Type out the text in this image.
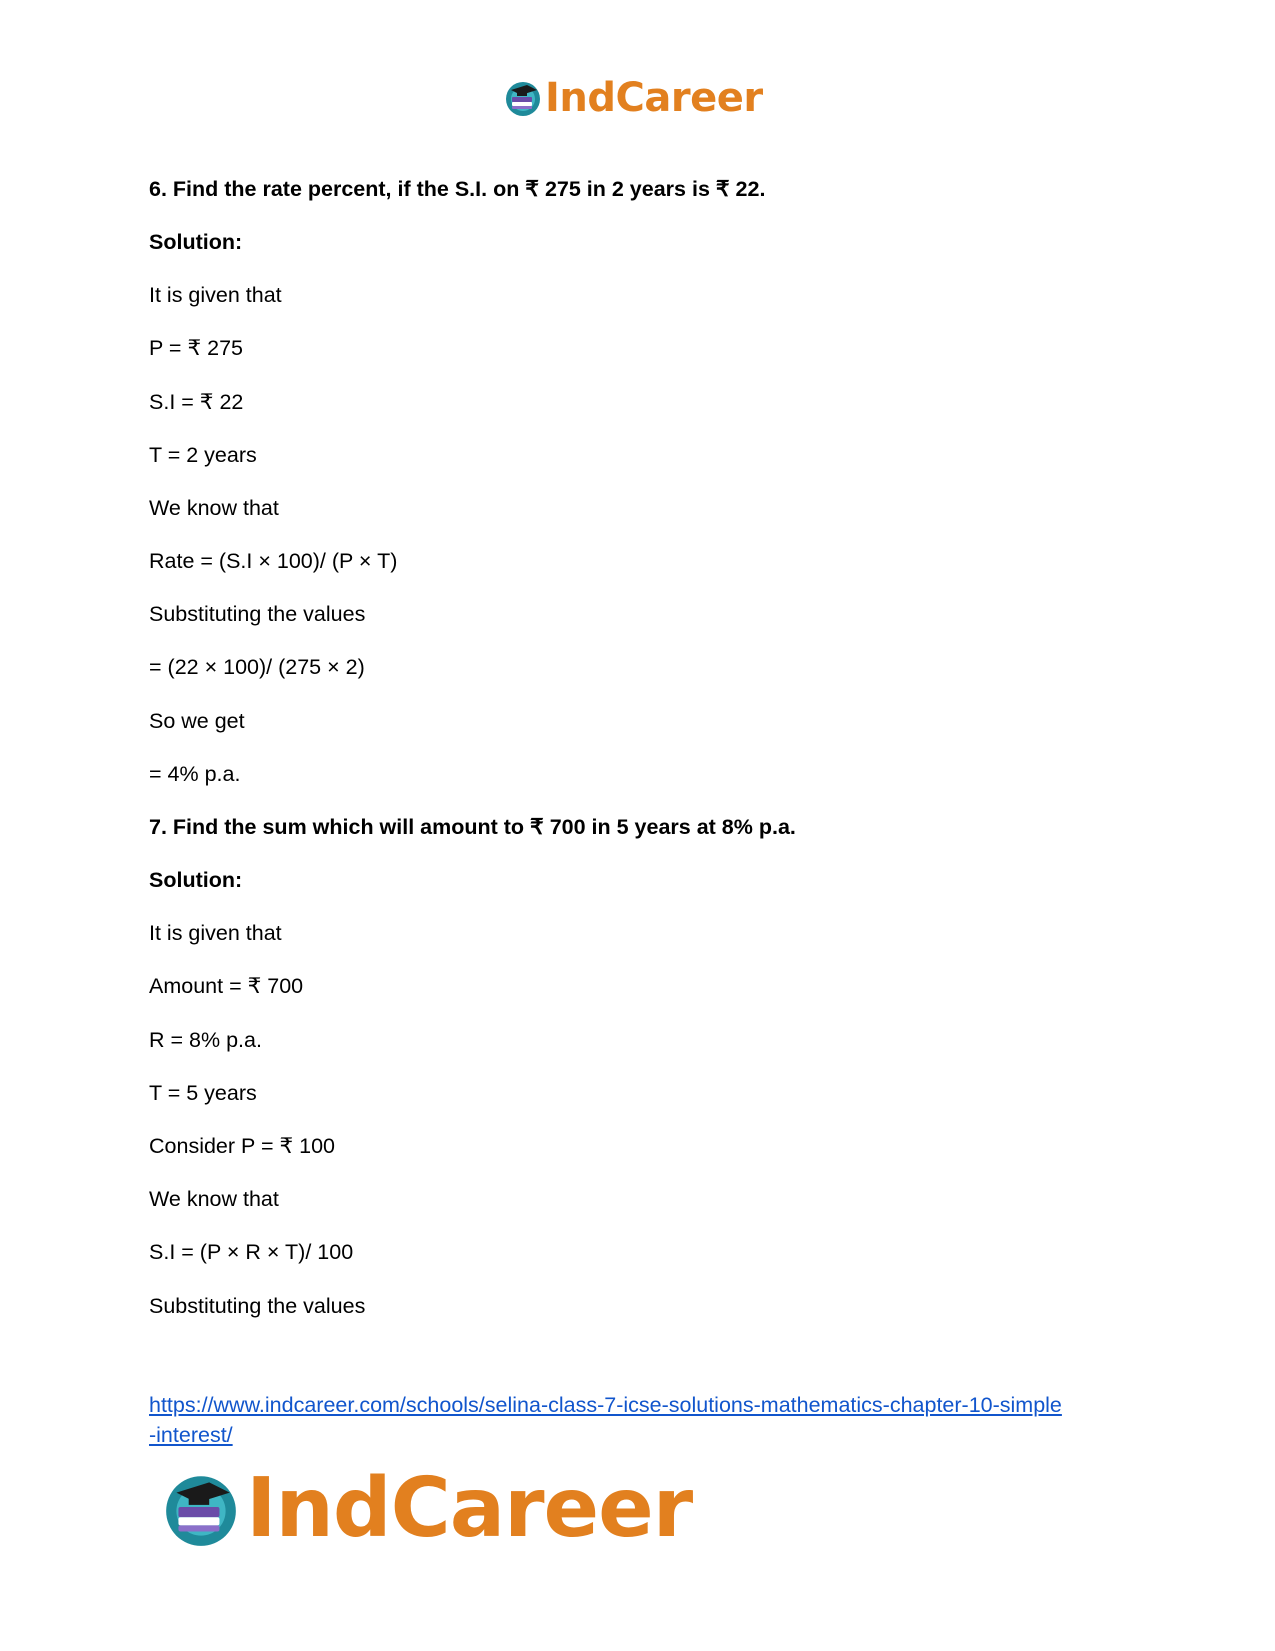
IndCareer
6. Find the rate percent, if the S.I. on ₹ 275 in 2 years is ₹ 22.
Solution:
It is given that
P = ₹ 275
S.I = ₹ 22
T = 2 years
We know that
Rate = (S.I × 100)/ (P × T)
Substituting the values
= (22 × 100)/ (275 × 2)
So we get
= 4% p.a.
7. Find the sum which will amount to ₹ 700 in 5 years at 8% p.a.
Solution:
It is given that
Amount = ₹ 700
R = 8% p.a.
T = 5 years
Consider P = ₹ 100
We know that
S.I = (P × R × T)/ 100
Substituting the values
https://www.indcareer.com/schools/selina-class-7-icse-solutions-mathematics-chapter-10-simple
-interest/
IndCareer
